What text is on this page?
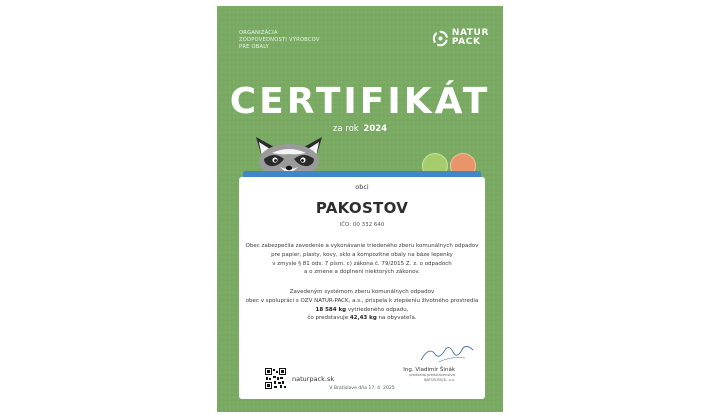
ORGANIZÁCIA
ZODPOVEDNOSTI VÝROBCOV
PRE OBALY
NATUR
PACK
CERTIFIKÁT
za rok 2024
obci
PAKOSTOV
IČO: 00 332 640
Obec zabezpečila zavedenie a vykonávanie triedeného zberu komunálnych odpadov
pre papier, plasty, kovy, sklo a kompozitné obaly na báze lepenky
v zmysle § 81 ods. 7 písm. c) zákona č. 79/2015 Z. z. o odpadoch
a o zmene a doplnení niektorých zákonov.
Zavedeným systémom zberu komunálnych odpadov
obec v spolupráci s OZV NATUR-PACK, a.s., prispela k zlepšeniu životného prostredia
18 584 kg vytriedeného odpadu,
čo predstavuje 42,43 kg na obyvateľa.
naturpack.sk
Ing. Vladimír Šinák
predseda predstavenstva
NATUR-PACK, a.s.
V Bratislave dňa 17. 4. 2025
